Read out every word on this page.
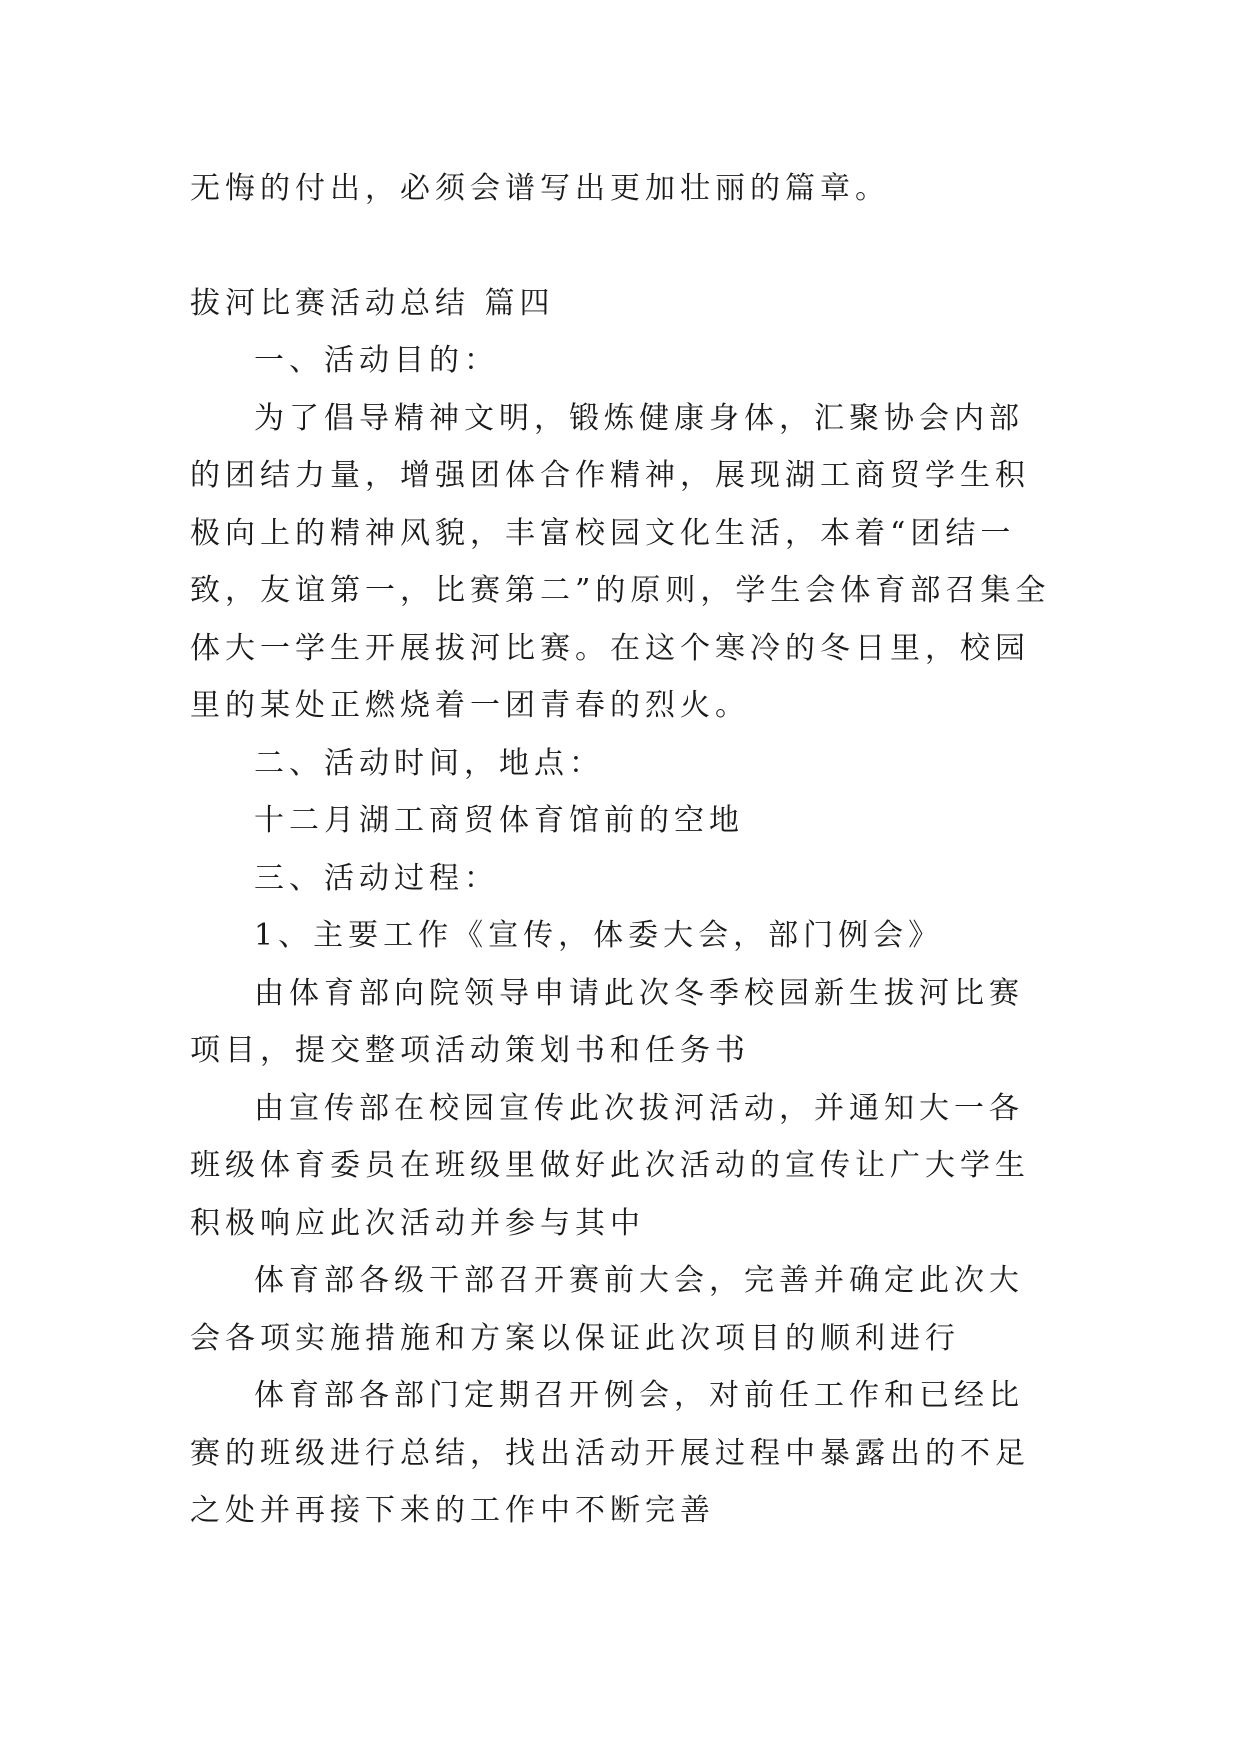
无悔的付出，必须会谱写出更加壮丽的篇章。

拔河比赛活动总结 篇四

一、活动目的：

为了倡导精神文明，锻炼健康身体，汇聚协会内部的团结力量，增强团体合作精神，展现湖工商贸学生积极向上的精神风貌，丰富校园文化生活，本着“团结一致，友谊第一，比赛第二”的原则，学生会体育部召集全体大一学生开展拔河比赛。在这个寒冷的冬日里，校园里的某处正燃烧着一团青春的烈火。

二、活动时间，地点：

十二月湖工商贸体育馆前的空地

三、活动过程：

1、主要工作《宣传，体委大会，部门例会》

由体育部向院领导申请此次冬季校园新生拔河比赛项目，提交整项活动策划书和任务书

由宣传部在校园宣传此次拔河活动，并通知大一各班级体育委员在班级里做好此次活动的宣传让广大学生积极响应此次活动并参与其中

体育部各级干部召开赛前大会，完善并确定此次大会各项实施措施和方案以保证此次项目的顺利进行

体育部各部门定期召开例会，对前任工作和已经比赛的班级进行总结，找出活动开展过程中暴露出的不足之处并再接下来的工作中不断完善
